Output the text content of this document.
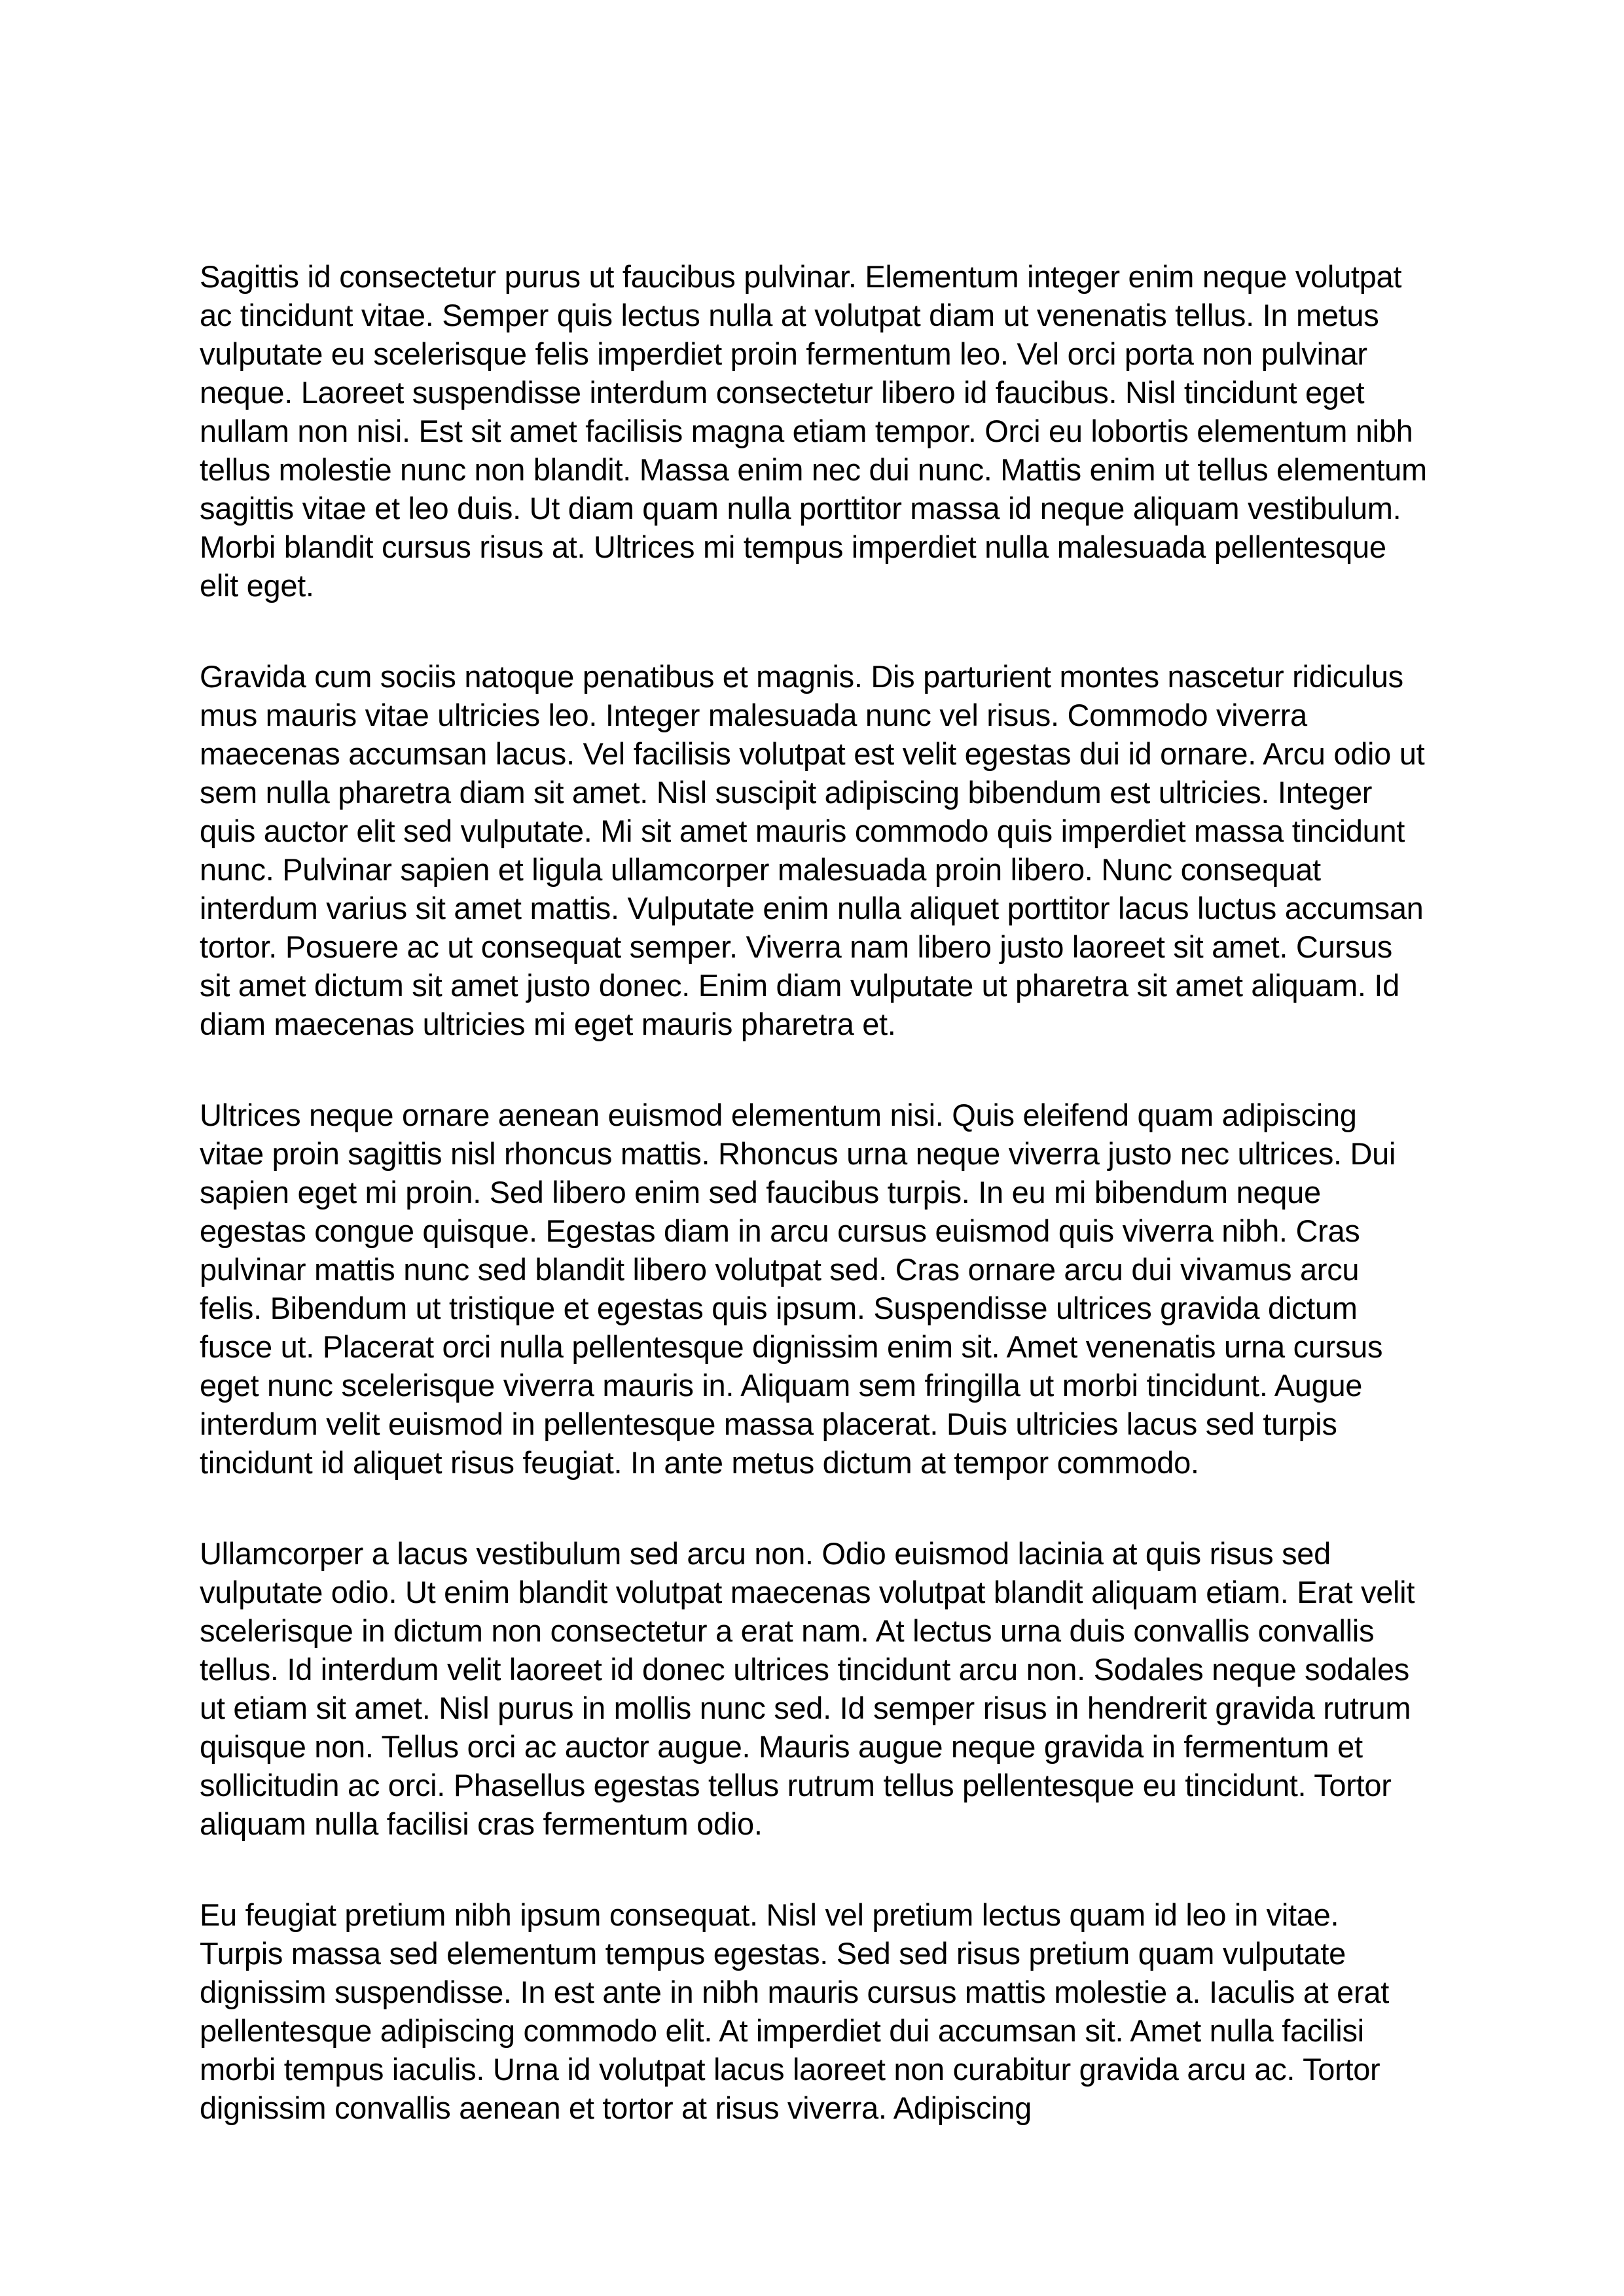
Sagittis id consectetur purus ut faucibus pulvinar. Elementum integer enim neque volutpat ac tincidunt vitae. Semper quis lectus nulla at volutpat diam ut venenatis tellus. In metus vulputate eu scelerisque felis imperdiet proin fermentum leo. Vel orci porta non pulvinar neque. Laoreet suspendisse interdum consectetur libero id faucibus. Nisl tincidunt eget nullam non nisi. Est sit amet facilisis magna etiam tempor. Orci eu lobortis elementum nibh tellus molestie nunc non blandit. Massa enim nec dui nunc. Mattis enim ut tellus elementum sagittis vitae et leo duis. Ut diam quam nulla porttitor massa id neque aliquam vestibulum. Morbi blandit cursus risus at. Ultrices mi tempus imperdiet nulla malesuada pellentesque elit eget.

Gravida cum sociis natoque penatibus et magnis. Dis parturient montes nascetur ridiculus mus mauris vitae ultricies leo. Integer malesuada nunc vel risus. Commodo viverra maecenas accumsan lacus. Vel facilisis volutpat est velit egestas dui id ornare. Arcu odio ut sem nulla pharetra diam sit amet. Nisl suscipit adipiscing bibendum est ultricies. Integer quis auctor elit sed vulputate. Mi sit amet mauris commodo quis imperdiet massa tincidunt nunc. Pulvinar sapien et ligula ullamcorper malesuada proin libero. Nunc consequat interdum varius sit amet mattis. Vulputate enim nulla aliquet porttitor lacus luctus accumsan tortor. Posuere ac ut consequat semper. Viverra nam libero justo laoreet sit amet. Cursus sit amet dictum sit amet justo donec. Enim diam vulputate ut pharetra sit amet aliquam. Id diam maecenas ultricies mi eget mauris pharetra et.

Ultrices neque ornare aenean euismod elementum nisi. Quis eleifend quam adipiscing vitae proin sagittis nisl rhoncus mattis. Rhoncus urna neque viverra justo nec ultrices. Dui sapien eget mi proin. Sed libero enim sed faucibus turpis. In eu mi bibendum neque egestas congue quisque. Egestas diam in arcu cursus euismod quis viverra nibh. Cras pulvinar mattis nunc sed blandit libero volutpat sed. Cras ornare arcu dui vivamus arcu felis. Bibendum ut tristique et egestas quis ipsum. Suspendisse ultrices gravida dictum fusce ut. Placerat orci nulla pellentesque dignissim enim sit. Amet venenatis urna cursus eget nunc scelerisque viverra mauris in. Aliquam sem fringilla ut morbi tincidunt. Augue interdum velit euismod in pellentesque massa placerat. Duis ultricies lacus sed turpis tincidunt id aliquet risus feugiat. In ante metus dictum at tempor commodo.

Ullamcorper a lacus vestibulum sed arcu non. Odio euismod lacinia at quis risus sed vulputate odio. Ut enim blandit volutpat maecenas volutpat blandit aliquam etiam. Erat velit scelerisque in dictum non consectetur a erat nam. At lectus urna duis convallis convallis tellus. Id interdum velit laoreet id donec ultrices tincidunt arcu non. Sodales neque sodales ut etiam sit amet. Nisl purus in mollis nunc sed. Id semper risus in hendrerit gravida rutrum quisque non. Tellus orci ac auctor augue. Mauris augue neque gravida in fermentum et sollicitudin ac orci. Phasellus egestas tellus rutrum tellus pellentesque eu tincidunt. Tortor aliquam nulla facilisi cras fermentum odio.

Eu feugiat pretium nibh ipsum consequat. Nisl vel pretium lectus quam id leo in vitae. Turpis massa sed elementum tempus egestas. Sed sed risus pretium quam vulputate dignissim suspendisse. In est ante in nibh mauris cursus mattis molestie a. Iaculis at erat pellentesque adipiscing commodo elit. At imperdiet dui accumsan sit. Amet nulla facilisi morbi tempus iaculis. Urna id volutpat lacus laoreet non curabitur gravida arcu ac. Tortor dignissim convallis aenean et tortor at risus viverra. Adipiscing
